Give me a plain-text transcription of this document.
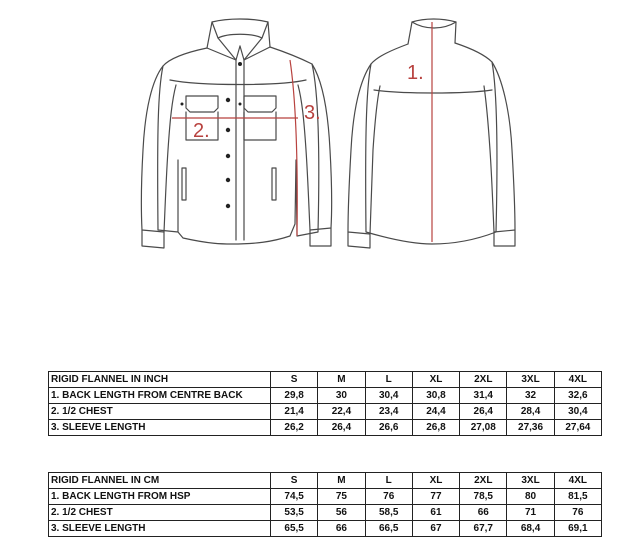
1.
2.
3.
RIGID FLANNEL IN INCH	S	M	L	XL	2XL	3XL	4XL
1. BACK LENGTH FROM CENTRE BACK	29,8	30	30,4	30,8	31,4	32	32,6
2. 1/2 CHEST	21,4	22,4	23,4	24,4	26,4	28,4	30,4
3. SLEEVE LENGTH	26,2	26,4	26,6	26,8	27,08	27,36	27,64
RIGID FLANNEL IN CM	S	M	L	XL	2XL	3XL	4XL
1. BACK LENGTH FROM HSP	74,5	75	76	77	78,5	80	81,5
2. 1/2 CHEST	53,5	56	58,5	61	66	71	76
3. SLEEVE LENGTH	65,5	66	66,5	67	67,7	68,4	69,1
